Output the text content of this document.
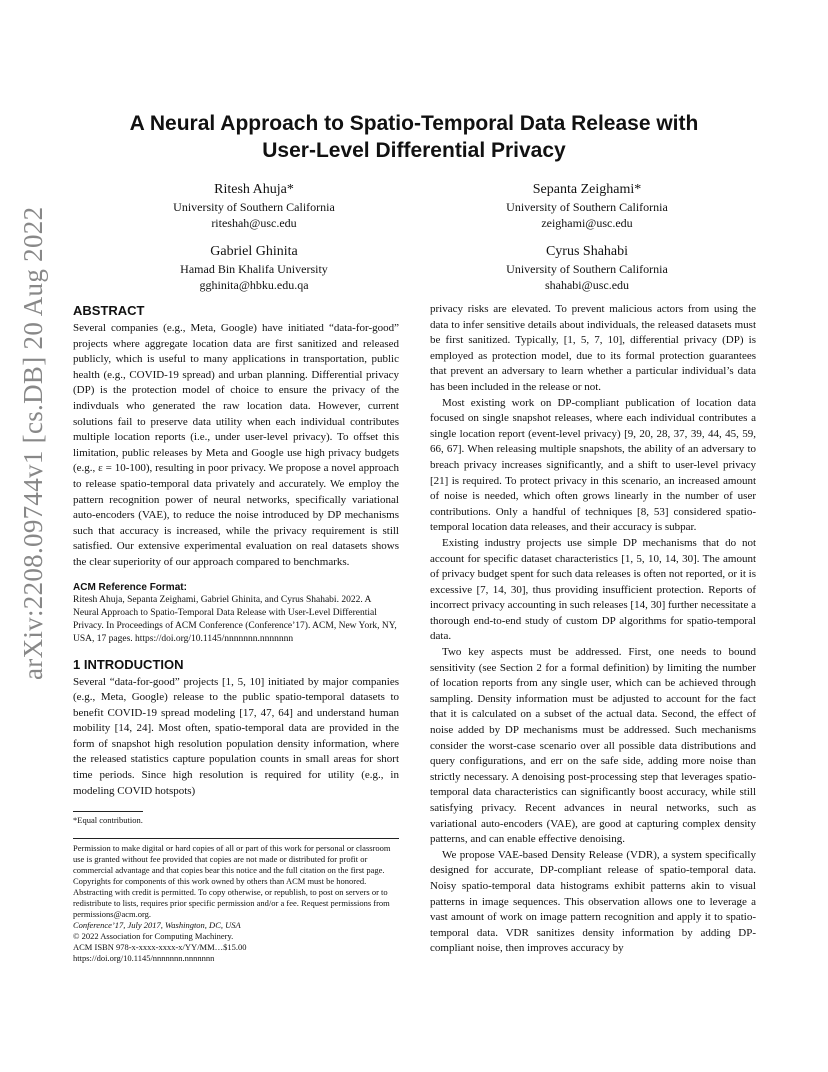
arXiv:2208.09744v1 [cs.DB] 20 Aug 2022
A Neural Approach to Spatio-Temporal Data Release with
User-Level Differential Privacy
Ritesh Ahuja*
University of Southern California
riteshah@usc.edu
Sepanta Zeighami*
University of Southern California
zeighami@usc.edu
Gabriel Ghinita
Hamad Bin Khalifa University
gghinita@hbku.edu.qa
Cyrus Shahabi
University of Southern California
shahabi@usc.edu
ABSTRACT

Several companies (e.g., Meta, Google) have initiated “data-for-good” projects where aggregate location data are first sanitized and released publicly, which is useful to many applications in transportation, public health (e.g., COVID-19 spread) and urban planning. Differential privacy (DP) is the protection model of choice to ensure the privacy of the indivduals who generated the raw location data. However, current solutions fail to preserve data utility when each individual contributes multiple location reports (i.e., under user-level privacy). To offset this limitation, public releases by Meta and Google use high privacy budgets (e.g., ε = 10-100), resulting in poor privacy. We propose a novel approach to release spatio-temporal data privately and accurately. We employ the pattern recognition power of neural networks, specifically variational auto-encoders (VAE), to reduce the noise introduced by DP mechanisms such that accuracy is increased, while the privacy requirement is still satisfied. Our extensive experimental evaluation on real datasets shows the clear superiority of our approach compared to benchmarks.

ACM Reference Format:
Ritesh Ahuja, Sepanta Zeighami, Gabriel Ghinita, and Cyrus Shahabi. 2022. A Neural Approach to Spatio-Temporal Data Release with User-Level Differential Privacy. In Proceedings of ACM Conference (Conference’17). ACM, New York, NY, USA, 17 pages. https://doi.org/10.1145/nnnnnnn.nnnnnnn
1 INTRODUCTION

Several “data-for-good” projects [1, 5, 10] initiated by major companies (e.g., Meta, Google) release to the public spatio-temporal datasets to benefit COVID-19 spread modeling [17, 47, 64] and understand human mobility [14, 24]. Most often, spatio-temporal data are provided in the form of snapshot high resolution population density information, where the released statistics capture population counts in small areas for short time periods. Since high resolution is required for utility (e.g., in modeling COVID hotspots)

*Equal contribution.
Permission to make digital or hard copies of all or part of this work for personal or classroom use is granted without fee provided that copies are not made or distributed for profit or commercial advantage and that copies bear this notice and the full citation on the first page. Copyrights for components of this work owned by others than ACM must be honored. Abstracting with credit is permitted. To copy otherwise, or republish, to post on servers or to redistribute to lists, requires prior specific permission and/or a fee. Request permissions from permissions@acm.org.
Conference’17, July 2017, Washington, DC, USA
© 2022 Association for Computing Machinery.
ACM ISBN 978-x-xxxx-xxxx-x/YY/MM…$15.00
https://doi.org/10.1145/nnnnnnn.nnnnnnn

privacy risks are elevated. To prevent malicious actors from using the data to infer sensitive details about individuals, the released datasets must be first sanitized. Typically, [1, 5, 7, 10], differential privacy (DP) is employed as protection model, due to its formal protection guarantees that prevent an adversary to learn whether a particular individual’s data has been included in the release or not.

Most existing work on DP-compliant publication of location data focused on single snapshot releases, where each individual contributes a single location report (event-level privacy) [9, 20, 28, 37, 39, 44, 45, 59, 66, 67]. When releasing multiple snapshots, the ability of an adversary to breach privacy increases significantly, and a shift to user-level privacy [21] is required. To protect privacy in this scenario, an increased amount of noise is needed, which often grows linearly in the number of user contributions. Only a handful of techniques [8, 53] considered spatio-temporal location data releases, and their accuracy is subpar.

Existing industry projects use simple DP mechanisms that do not account for specific dataset characteristics [1, 5, 10, 14, 30]. The amount of privacy budget spent for such data releases is often not reported, or it is excessive [7, 14, 30], thus providing insufficient protection. Reports of incorrect privacy accounting in such releases [14, 30] further necessitate a thorough end-to-end study of custom DP algorithms for spatio-temporal data.

Two key aspects must be addressed. First, one needs to bound sensitivity (see Section 2 for a formal definition) by limiting the number of location reports from any single user, which can be achieved through sampling. Density information must be adjusted to account for the fact that it is calculated on a subset of the actual data. Second, the effect of noise added by DP mechanisms must be addressed. Such mechanisms consider the worst-case scenario over all possible data distributions and query configurations, and err on the safe side, adding more noise than strictly necessary. A denoising post-processing step that leverages spatio-temporal data characteristics can significantly boost accuracy, while still satisfying privacy. Recent advances in neural networks, such as variational auto-encoders (VAE), are good at capturing complex density patterns, and can enable effective denoising.

We propose VAE-based Density Release (VDR), a system specifically designed for accurate, DP-compliant release of spatio-temporal data. Noisy spatio-temporal data histograms exhibit patterns akin to visual patterns in image sequences. This observation allows one to leverage a vast amount of work on image pattern recognition and apply it to spatio-temporal data. VDR sanitizes density information by adding DP-compliant noise, then improves accuracy by
